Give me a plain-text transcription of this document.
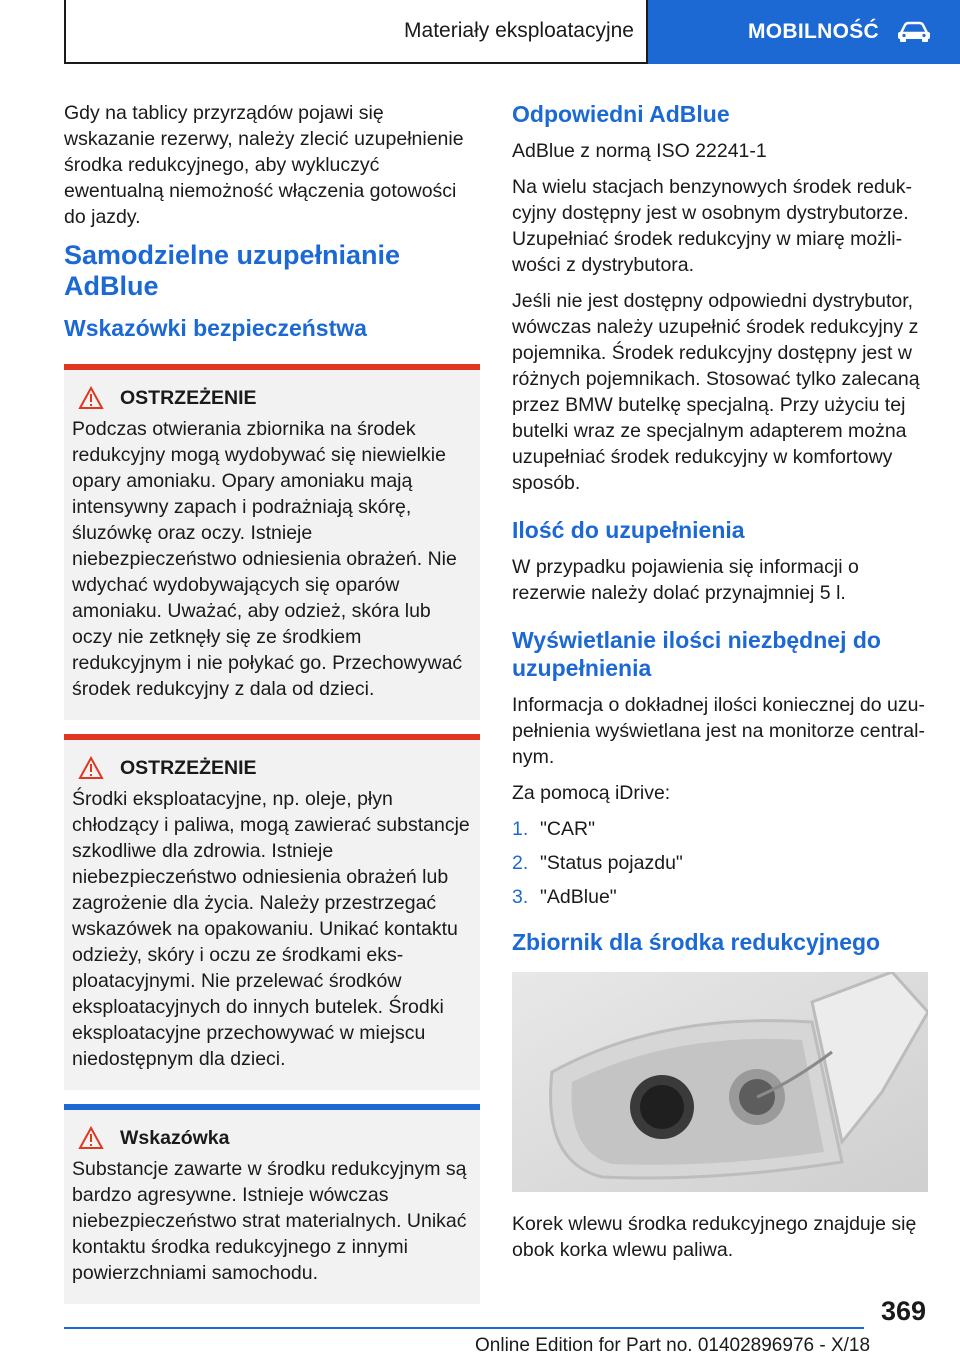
Materiały eksploatacyjne	MOBILNOŚĆ

Gdy na tablicy przyrządów pojawi się wskazanie rezerwy, należy zlecić uzupełnienie środka redukcyjnego, aby wykluczyć ewentualną niemożność włączenia gotowości do jazdy.

Samodzielne uzupełnianie AdBlue
Wskazówki bezpieczeństwa
OSTRZEŻENIE

Podczas otwierania zbiornika na środek redukcyjny mogą wydobywać się niewielkie opary amoniaku. Opary amoniaku mają intensywny zapach i podrażniają skórę, śluzówkę oraz oczy. Istnieje niebezpieczeństwo odniesienia obrażeń. Nie wdychać wydobywających się oparów amoniaku. Uważać, aby odzież, skóra lub oczy nie zetknęły się ze środkiem redukcyjnym i nie połykać go. Przechowywać środek redukcyjny z dala od dzieci.

OSTRZEŻENIE

Środki eksploatacyjne, np. oleje, płyn chłodzący i paliwa, mogą zawierać substancje szkodliwe dla zdrowia. Istnieje niebezpieczeństwo odniesienia obrażeń lub zagrożenie dla życia. Należy przestrzegać wskazówek na opakowaniu. Unikać kontaktu odzieży, skóry i oczu ze środkami eksploatacyjnymi. Nie przelewać środków eksploatacyjnych do innych butelek. Środki eksploatacyjne przechowywać w miejscu niedostępnym dla dzieci.

Wskazówka

Substancje zawarte w środku redukcyjnym są bardzo agresywne. Istnieje wówczas niebezpieczeństwo strat materialnych. Unikać kontaktu środka redukcyjnego z innymi powierzchniami samochodu.

Odpowiedni AdBlue

AdBlue z normą ISO 22241-1

Na wielu stacjach benzynowych środek redukcyjny dostępny jest w osobnym dystrybutorze. Uzupełniać środek redukcyjny w miarę możliwości z dystrybutora.

Jeśli nie jest dostępny odpowiedni dystrybutor, wówczas należy uzupełnić środek redukcyjny z pojemnika. Środek redukcyjny dostępny jest w różnych pojemnikach. Stosować tylko zalecaną przez BMW butelkę specjalną. Przy użyciu tej butelki wraz ze specjalnym adapterem można uzupełniać środek redukcyjny w komfortowy sposób.

Ilość do uzupełnienia

W przypadku pojawienia się informacji o rezerwie należy dolać przynajmniej 5 l.

Wyświetlanie ilości niezbędnej do uzupełnienia

Informacja o dokładnej ilości koniecznej do uzupełnienia wyświetlana jest na monitorze centralnym.

Za pomocą iDrive:

1. "CAR"
2. "Status pojazdu"
3. "AdBlue"
Zbiornik dla środka redukcyjnego

Korek wlewu środka redukcyjnego znajduje się obok korka wlewu paliwa.

369
Online Edition for Part no. 01402896976 - X/18
